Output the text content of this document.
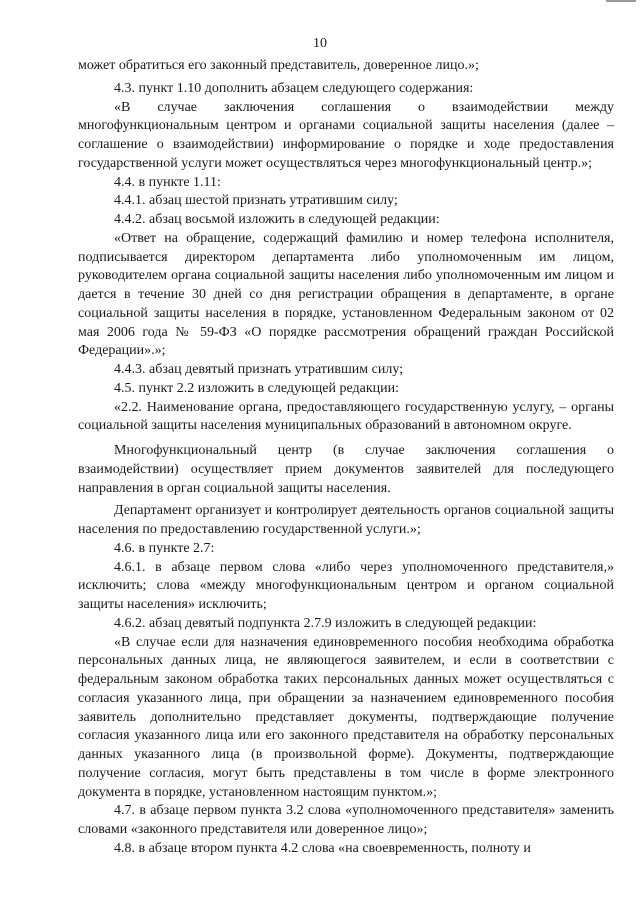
10

может обратиться его законный представитель, доверенное лицо.»;

4.3. пункт 1.10 дополнить абзацем следующего содержания:

«В случае заключения соглашения о взаимодействии между многофункциональным центром и органами социальной защиты населения (далее – соглашение о взаимодействии) информирование о порядке и ходе предоставления государственной услуги может осуществляться через многофункциональный центр.»;

4.4. в пункте 1.11:

4.4.1. абзац шестой признать утратившим силу;

4.4.2. абзац восьмой изложить в следующей редакции:

«Ответ на обращение, содержащий фамилию и номер телефона исполнителя, подписывается директором департамента либо уполномоченным им лицом, руководителем органа социальной защиты населения либо уполномоченным им лицом и дается в течение 30 дней со дня регистрации обращения в департаменте, в органе социальной защиты населения в порядке, установленном Федеральным законом от 02 мая 2006 года № 59-ФЗ «О порядке рассмотрения обращений граждан Российской Федерации».»;

4.4.3. абзац девятый признать утратившим силу;

4.5. пункт 2.2 изложить в следующей редакции:

«2.2. Наименование органа, предоставляющего государственную услугу, – органы социальной защиты населения муниципальных образований в автономном округе.

Многофункциональный центр (в случае заключения соглашения о взаимодействии) осуществляет прием документов заявителей для последующего направления в орган социальной защиты населения.

Департамент организует и контролирует деятельность органов социальной защиты населения по предоставлению государственной услуги.»;

4.6. в пункте 2.7:

4.6.1. в абзаце первом слова «либо через уполномоченного представителя,» исключить; слова «между многофункциональным центром и органом социальной защиты населения» исключить;

4.6.2. абзац девятый подпункта 2.7.9 изложить в следующей редакции:

«В случае если для назначения единовременного пособия необходима обработка персональных данных лица, не являющегося заявителем, и если в соответствии с федеральным законом обработка таких персональных данных может осуществляться с согласия указанного лица, при обращении за назначением единовременного пособия заявитель дополнительно представляет документы, подтверждающие получение согласия указанного лица или его законного представителя на обработку персональных данных указанного лица (в произвольной форме). Документы, подтверждающие получение согласия, могут быть представлены в том числе в форме электронного документа в порядке, установленном настоящим пунктом.»;

4.7. в абзаце первом пункта 3.2 слова «уполномоченного представителя» заменить словами «законного представителя или доверенное лицо»;

4.8. в абзаце втором пункта 4.2 слова «на своевременность, полноту и
